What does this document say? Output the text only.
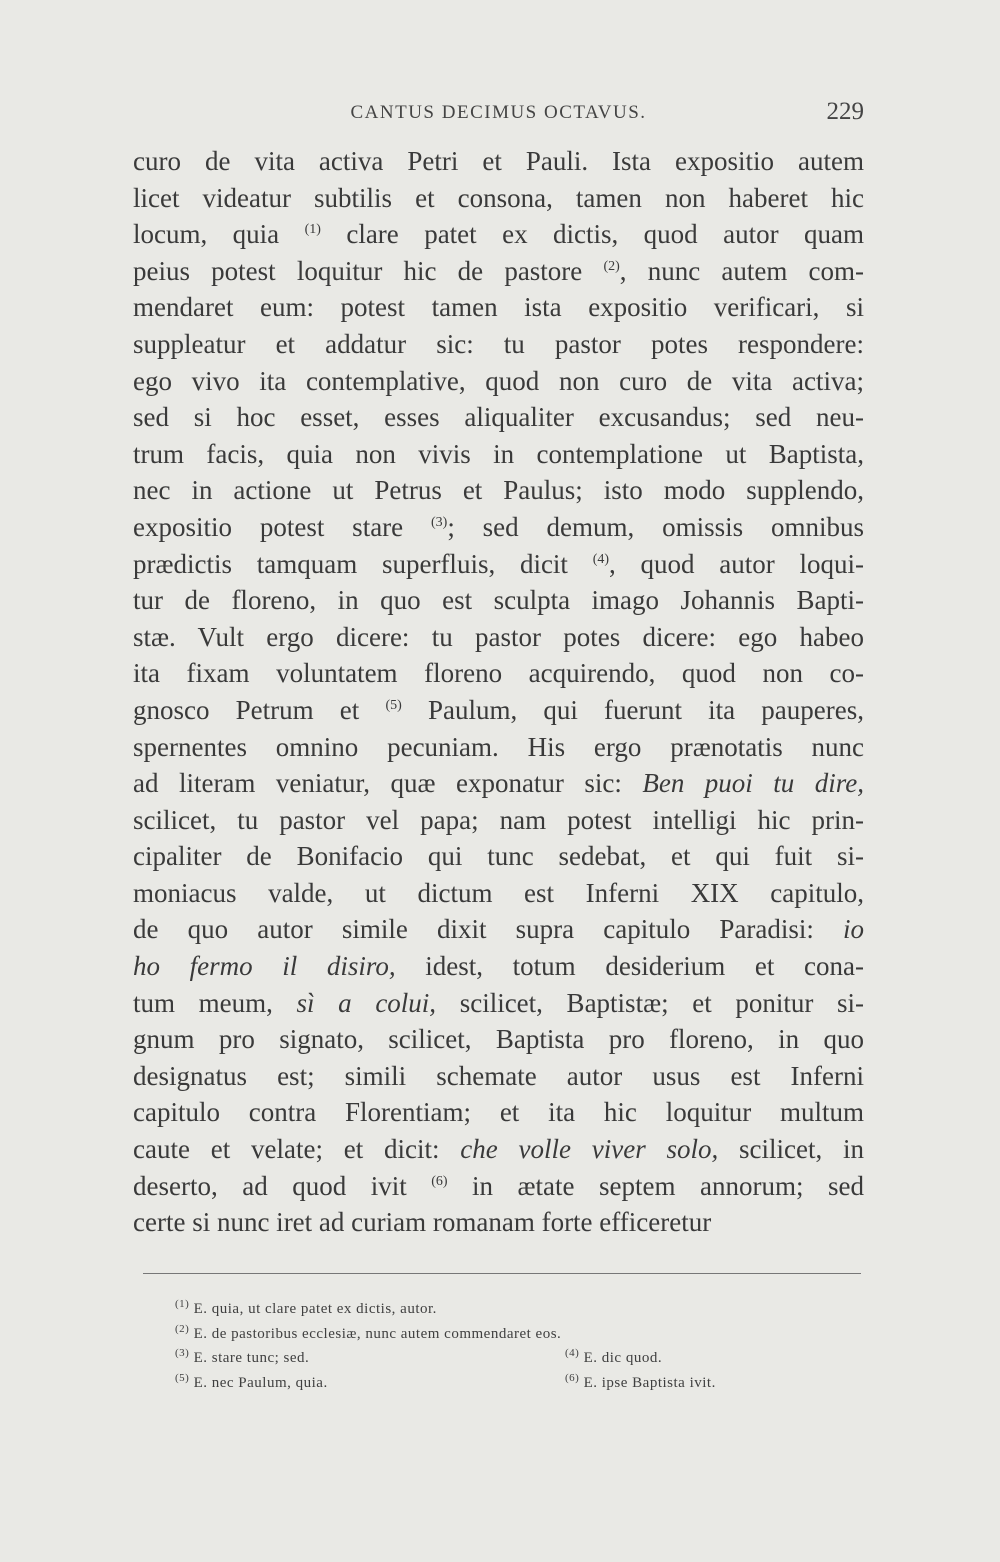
CANTUS DECIMUS OCTAVUS.	229
curo de vita activa Petri et Pauli. Ista expositio autem
licet videatur subtilis et consona, tamen non haberet hic
locum, quia $^{(1)}$ clare patet ex dictis, quod autor quam
peius potest loquitur hic de pastore $^{(2)}$, nunc autem com-
mendaret eum: potest tamen ista expositio verificari, si
suppleatur et addatur sic: tu pastor potes respondere:
ego vivo ita contemplative, quod non curo de vita activa;
sed si hoc esset, esses aliqualiter excusandus; sed neu-
trum facis, quia non vivis in contemplatione ut Baptista,
nec in actione ut Petrus et Paulus; isto modo supplendo,
expositio potest stare $^{(3)}$; sed demum, omissis omnibus
prædictis tamquam superfluis, dicit $^{(4)}$, quod autor loqui-
tur de floreno, in quo est sculpta imago Johannis Bapti-
stæ. Vult ergo dicere: tu pastor potes dicere: ego habeo
ita fixam voluntatem floreno acquirendo, quod non co-
gnosco Petrum et $^{(5)}$ Paulum, qui fuerunt ita pauperes,
spernentes omnino pecuniam. His ergo prænotatis nunc
ad literam veniatur, quæ exponatur sic: Ben puoi tu dire,
scilicet, tu pastor vel papa; nam potest intelligi hic prin-
cipaliter de Bonifacio qui tunc sedebat, et qui fuit si-
moniacus valde, ut dictum est Inferni XIX capitulo,
de quo autor simile dixit supra capitulo Paradisi: io
ho fermo il disiro, idest, totum desiderium et cona-
tum meum, sì a colui, scilicet, Baptistæ; et ponitur si-
gnum pro signato, scilicet, Baptista pro floreno, in quo
designatus est; simili schemate autor usus est Inferni
capitulo contra Florentiam; et ita hic loquitur multum
caute et velate; et dicit: che volle viver solo, scilicet, in
deserto, ad quod ivit $^{(6)}$ in ætate septem annorum; sed
certe si nunc iret ad curiam romanam forte efficeretur
$^{(1)}$ E. quia, ut clare patet ex dictis, autor.
$^{(2)}$ E. de pastoribus ecclesiæ, nunc autem commendaret eos.
$^{(3)}$ E. stare tunc; sed.	$^{(4)}$ E. dic quod.
$^{(5)}$ E. nec Paulum, quia.	$^{(6)}$ E. ipse Baptista ivit.
